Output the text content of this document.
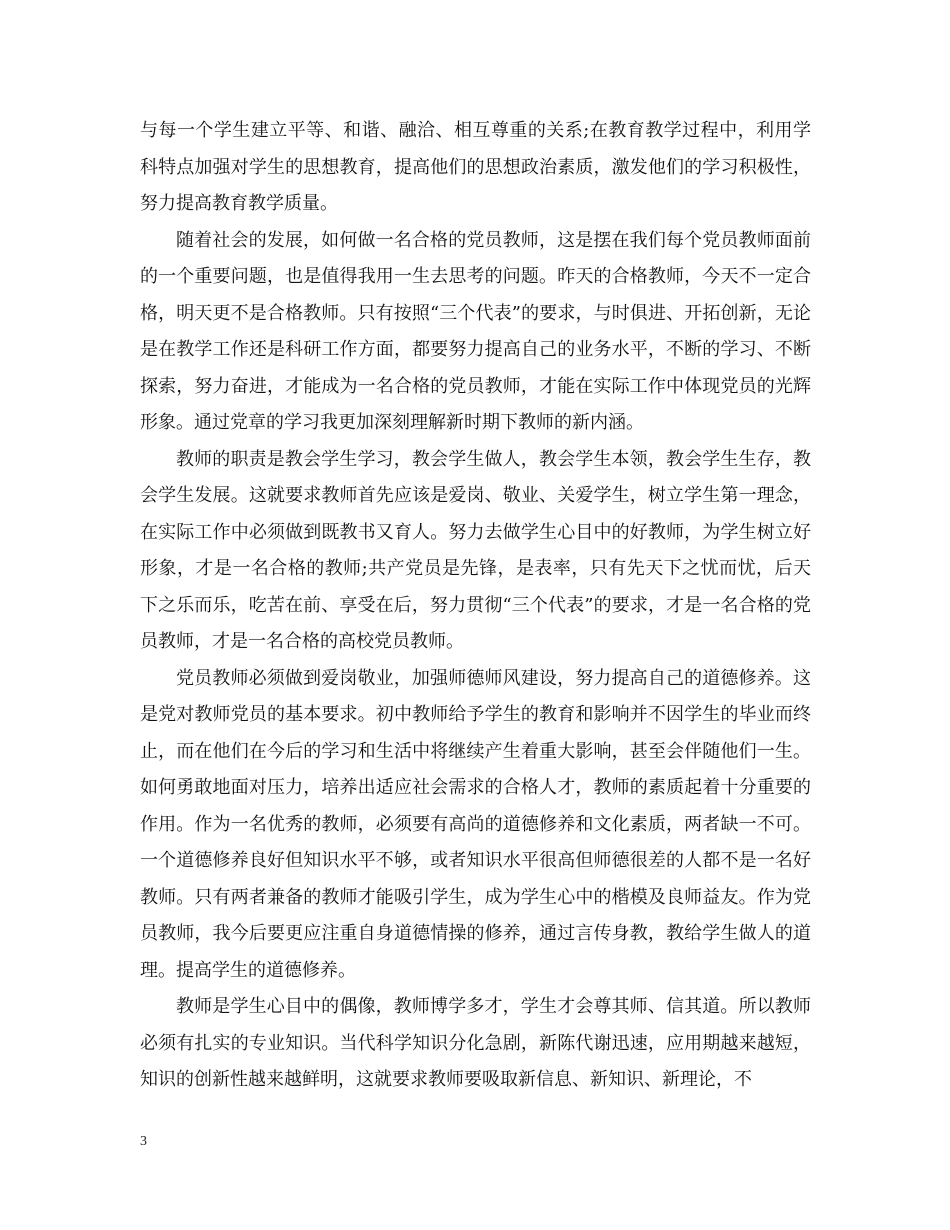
与每一个学生建立平等、和谐、融洽、相互尊重的关系;在教育教学过程中，利用学科特点加强对学生的思想教育，提高他们的思想政治素质，激发他们的学习积极性，努力提高教育教学质量。

随着社会的发展，如何做一名合格的党员教师，这是摆在我们每个党员教师面前的一个重要问题，也是值得我用一生去思考的问题。昨天的合格教师，今天不一定合格，明天更不是合格教师。只有按照“三个代表”的要求，与时俱进、开拓创新，无论是在教学工作还是科研工作方面，都要努力提高自己的业务水平，不断的学习、不断探索，努力奋进，才能成为一名合格的党员教师，才能在实际工作中体现党员的光辉形象。通过党章的学习我更加深刻理解新时期下教师的新内涵。

教师的职责是教会学生学习，教会学生做人，教会学生本领，教会学生生存，教会学生发展。这就要求教师首先应该是爱岗、敬业、关爱学生，树立学生第一理念，在实际工作中必须做到既教书又育人。努力去做学生心目中的好教师，为学生树立好形象，才是一名合格的教师;共产党员是先锋，是表率，只有先天下之忧而忧，后天下之乐而乐，吃苦在前、享受在后，努力贯彻“三个代表”的要求，才是一名合格的党员教师，才是一名合格的高校党员教师。

党员教师必须做到爱岗敬业，加强师德师风建设，努力提高自己的道德修养。这是党对教师党员的基本要求。初中教师给予学生的教育和影响并不因学生的毕业而终止，而在他们在今后的学习和生活中将继续产生着重大影响，甚至会伴随他们一生。如何勇敢地面对压力，培养出适应社会需求的合格人才，教师的素质起着十分重要的作用。作为一名优秀的教师，必须要有高尚的道德修养和文化素质，两者缺一不可。一个道德修养良好但知识水平不够，或者知识水平很高但师德很差的人都不是一名好教师。只有两者兼备的教师才能吸引学生，成为学生心中的楷模及良师益友。作为党员教师，我今后要更应注重自身道德情操的修养，通过言传身教，教给学生做人的道理。提高学生的道德修养。

教师是学生心目中的偶像，教师博学多才，学生才会尊其师、信其道。所以教师必须有扎实的专业知识。当代科学知识分化急剧，新陈代谢迅速，应用期越来越短，知识的创新性越来越鲜明，这就要求教师要吸取新信息、新知识、新理论，不

3
